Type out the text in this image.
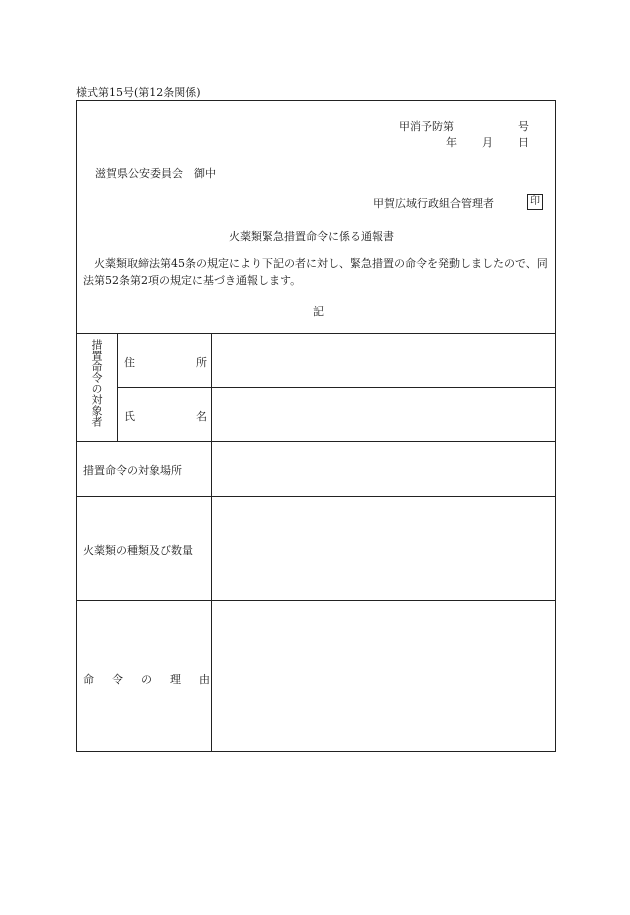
様式第15号(第12条関係)
甲消予防第	号
年 月 日
滋賀県公安委員会　御中
甲賀広域行政組合管理者	印
火薬類緊急措置命令に係る通報書
火薬類取締法第45条の規定により下記の者に対し、緊急措置の命令を発動しましたので、同法第52条第2項の規定に基づき通報します。
記
措置命令の対象者 住	所
氏	名
措置命令の対象場所
火薬類の種類及び数量
命令の理由
